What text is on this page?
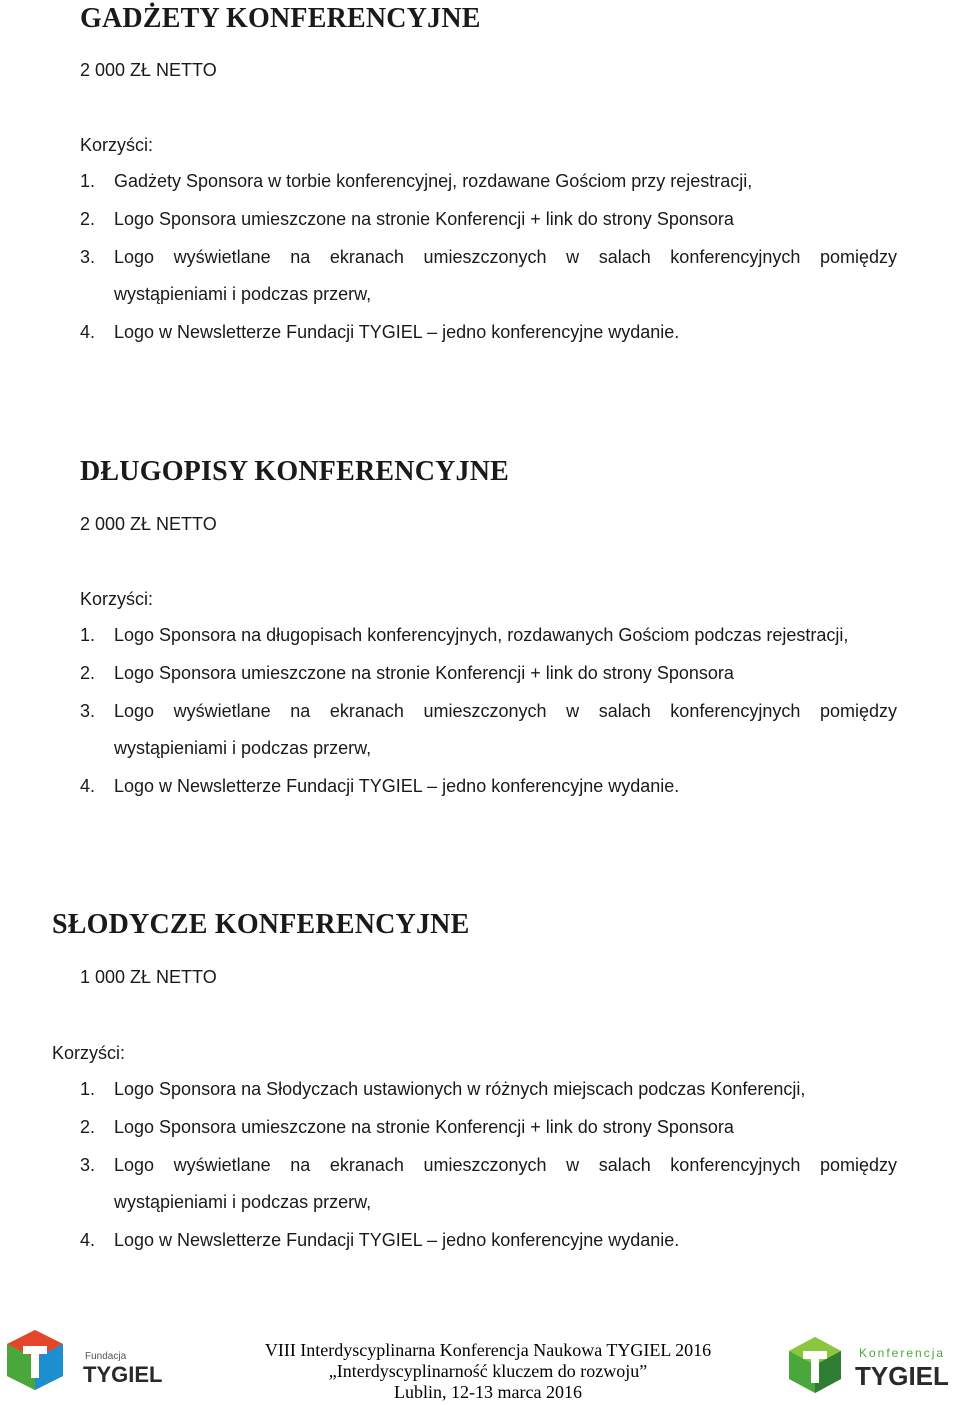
GADŻETY KONFERENCYJNE
2 000 ZŁ NETTO
Korzyści:
1. Gadżety Sponsora w torbie konferencyjnej, rozdawane Gościom przy rejestracji,
2. Logo Sponsora umieszczone na stronie Konferencji + link do strony Sponsora
3. Logo wyświetlane na ekranach umieszczonych w salach konferencyjnych pomiędzy
wystąpieniami i podczas przerw,
4. Logo w Newsletterze Fundacji TYGIEL – jedno konferencyjne wydanie.
DŁUGOPISY KONFERENCYJNE
2 000 ZŁ NETTO
Korzyści:
1. Logo Sponsora na długopisach konferencyjnych, rozdawanych Gościom podczas rejestracji,
2. Logo Sponsora umieszczone na stronie Konferencji + link do strony Sponsora
3. Logo wyświetlane na ekranach umieszczonych w salach konferencyjnych pomiędzy
wystąpieniami i podczas przerw,
4. Logo w Newsletterze Fundacji TYGIEL – jedno konferencyjne wydanie.
SŁODYCZE KONFERENCYJNE
1 000 ZŁ NETTO
Korzyści:
1. Logo Sponsora na Słodyczach ustawionych w różnych miejscach podczas Konferencji,
2. Logo Sponsora umieszczone na stronie Konferencji + link do strony Sponsora
3. Logo wyświetlane na ekranach umieszczonych w salach konferencyjnych pomiędzy
wystąpieniami i podczas przerw,
4. Logo w Newsletterze Fundacji TYGIEL – jedno konferencyjne wydanie.
Fundacja
TYGIEL
VIII Interdyscyplinarna Konferencja Naukowa TYGIEL 2016
„Interdyscyplinarność kluczem do rozwoju”
Lublin, 12-13 marca 2016
Konferencja
TYGIEL
